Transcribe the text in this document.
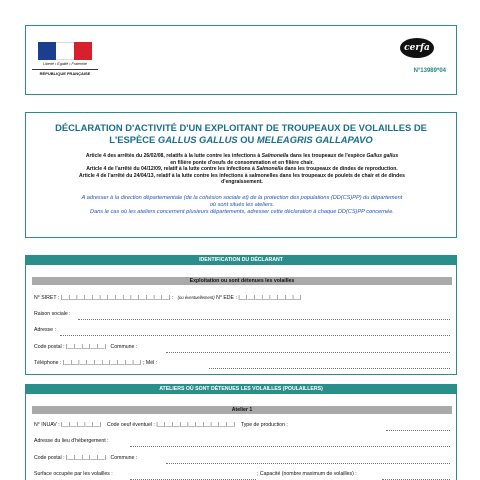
Liberté • Égalité • Fraternité
RÉPUBLIQUE FRANÇAISE
cerfa
N°13989*04
DÉCLARATION D'ACTIVITÉ D'UN EXPLOITANT DE TROUPEAUX DE VOLAILLES DE
L'ESPÈCE GALLUS GALLUS OU MELEAGRIS GALLAPAVO
Article 4 des arrêtés du 26/02/08, relatifs à la lutte contre les infections à Salmonella dans les troupeaux de l'espèce Gallus gallus
en filière ponte d'oeufs de consommation et en filière chair.
Article 4 de l'arrêté du 04/12/09, relatif à la lutte contre les infections à Salmonella dans les troupeaux de dindes de reproduction.
Article 4 de l'arrêté du 24/04/13, relatif à la lutte contre les infections à salmonelles dans les troupeaux de poulets de chair et de dindes
d'engraissement.
A adresser à la direction départementale (de la cohésion sociale et) de la protection des populations (DD(CS)PP) du département
où sont situés les ateliers.
Dans le cas où les ateliers concernent plusieurs départements, adresser cette déclaration à chaque DD(CS)PP concernée.
IDENTIFICATION DU DÉCLARANT
Exploitation ou sont détenues les volailles
N° SIRET : |__|__|__|__|__|__|__|__|__|__|__|__|__|__| : (ou éventuellement) N° EDE : |__|__|__|__|__|__|__|__|
Raison sociale :
Adresse :
Code postal : |__|__|__|__|__| Commune :
Téléphone : |__|__|__|__|__|__|__|__|__|__| ; Mél :
ATELIERS OÙ SONT DÉTENUES LES VOLAILLES (POULAILLERS)
Atelier 1
N° INUAV : |__|__|__|__|__| Code oeuf éventuel : |__|__|__|__|__|__|__|__|__|__| Type de production :
Adresse du lieu d'hébergement :
Code postal : |__|__|__|__|__| Commune :
Surface occupée par les volailles :	; Capacité (nombre maximum de volailles) :
